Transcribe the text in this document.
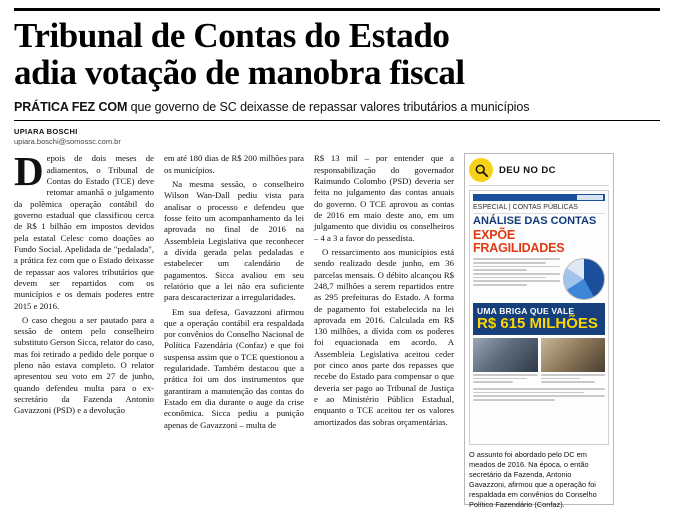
Tribunal de Contas do Estado
adia votação de manobra fiscal
PRÁTICA FEZ COM que governo de SC deixasse de repassar valores tributários a municípios
UPIARA BOSCHI
upiara.boschi@somossc.com.br

Depois de dois meses de adiamentos, o Tribunal de Contas do Estado (TCE) deve retomar amanhã o julgamento da polêmica operação contábil do governo estadual que classificou cerca de R$ 1 bilhão em impostos devidos pela estatal Celesc como doações ao Fundo Social. Apelidada de "pedalada", a prática fez com que o Estado deixasse de repassar aos valores tributários que devem ser repartidos com os municípios e os demais poderes entre 2015 e 2016.

O caso chegou a ser pautado para a sessão de ontem pelo conselheiro substituto Gerson Sicca, relator do caso, mas foi retirado a pedido dele porque o pleno não estava completo. O relator apresentou seu voto em 27 de junho, quando defendeu multa para o ex-secretário da Fazenda Antonio Gavazzoni (PSD) e a devolução

em até 180 dias de R$ 200 milhões para os municípios.

Na mesma sessão, o conselheiro Wilson Wan-Dall pediu vista para analisar o processo e defendeu que fosse feito um acompanhamento da lei aprovada no final de 2016 na Assembleia Legislativa que reconhecer a dívida gerada pelas pedaladas e estabelecer um calendário de pagamentos. Sicca avaliou em seu relatório que a lei não era suficiente para descaracterizar a irregularidades.

Em sua defesa, Gavazzoni afirmou que a operação contábil era respaldada por convênios do Conselho Nacional de Política Fazendária (Confaz) e que foi suspensa assim que o TCE questionou a regularidade. Também destacou que a prática foi um dos instrumentos que garantiram a manutenção das contas do Estado em dia durante o auge da crise econômica. Sicca pediu a punição apenas de Gavazzoni – multa de

R$ 13 mil – por entender que a responsabilização do governador Raimundo Colombo (PSD) deveria ser feita no julgamento das contas anuais do governo. O TCE aprovou as contas de 2016 em maio deste ano, em um julgamento que dividiu os conselheiros – 4 a 3 a favor do pessedista.

O ressarcimento aos municípios está sendo realizado desde junho, em 36 parcelas mensais. O débito alcançou R$ 248,7 milhões a serem repartidos entre as 295 prefeituras do Estado. A forma de pagamento foi estabelecida na lei aprovada em 2016. Calculada em R$ 130 milhões, a dívida com os poderes foi equacionada em acordo. A Assembleia Legislativa aceitou ceder por cinco anos parte dos repasses que recebe do Estado para compensar o que deveria ser pago ao Tribunal de Justiça e ao Ministério Público Estadual, enquanto o TCE aceitou ter os valores amortizados das sobras orçamentárias.

DEU NO DC
ESPECIAL | CONTAS PÚBLICAS
ANÁLISE DAS CONTAS
EXPÕE FRAGILIDADES
UMA BRIGA QUE VALE
R$ 615 MILHÕES
O assunto foi abordado pelo DC em meados de 2016. Na época, o então secretário da Fazenda, Antonio Gavazzoni, afirmou que a operação foi respaldada em convênios do Conselho Político Fazendário (Confaz).
